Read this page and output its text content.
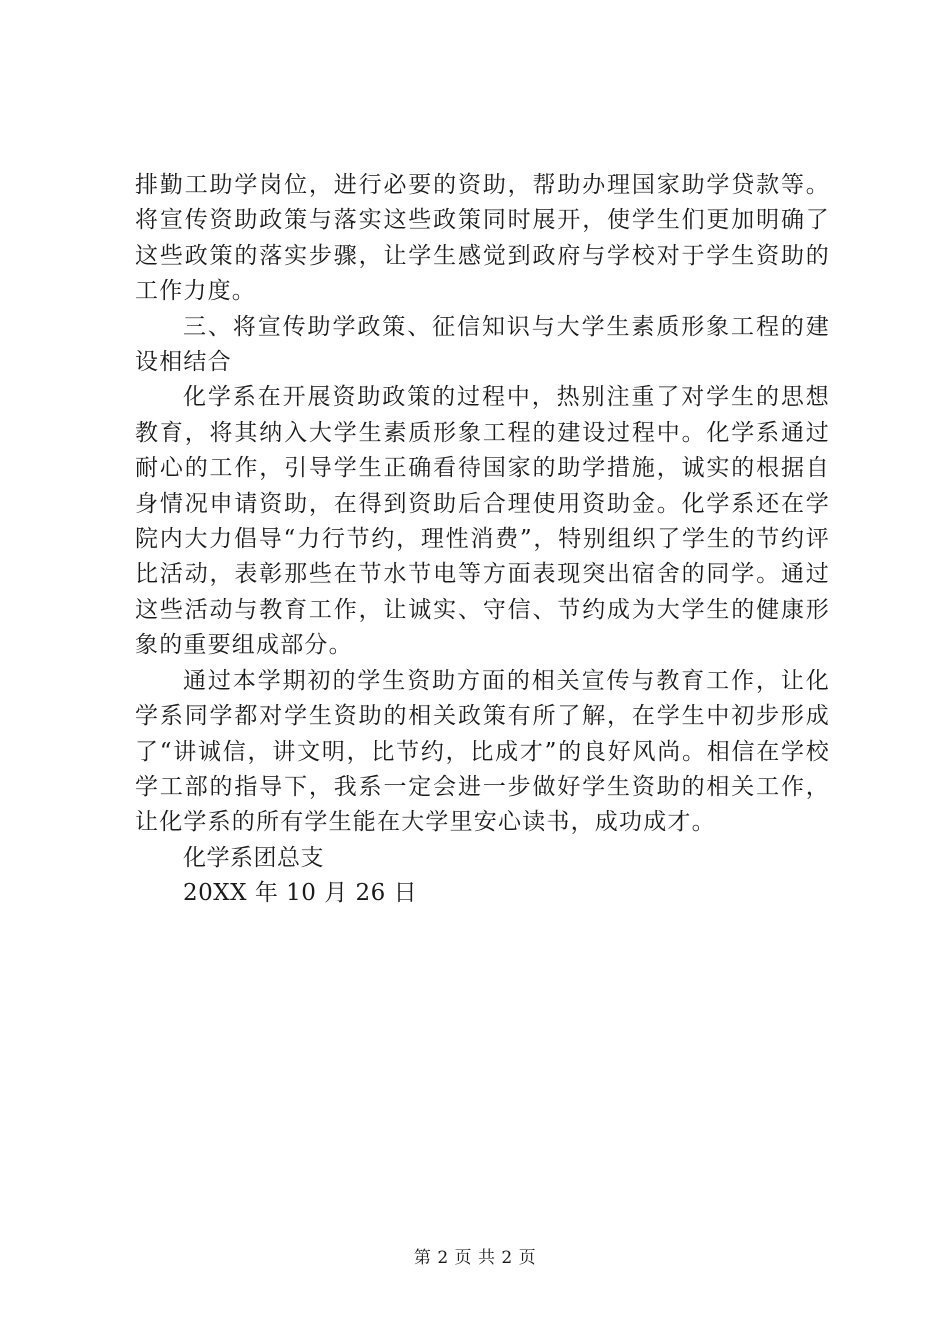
排勤工助学岗位，进行必要的资助，帮助办理国家助学贷款等。将宣传资助政策与落实这些政策同时展开，使学生们更加明确了这些政策的落实步骤，让学生感觉到政府与学校对于学生资助的工作力度。

三、将宣传助学政策、征信知识与大学生素质形象工程的建设相结合

化学系在开展资助政策的过程中，热别注重了对学生的思想教育，将其纳入大学生素质形象工程的建设过程中。化学系通过耐心的工作，引导学生正确看待国家的助学措施，诚实的根据自身情况申请资助，在得到资助后合理使用资助金。化学系还在学院内大力倡导“力行节约，理性消费”，特别组织了学生的节约评比活动，表彰那些在节水节电等方面表现突出宿舍的同学。通过这些活动与教育工作，让诚实、守信、节约成为大学生的健康形象的重要组成部分。

通过本学期初的学生资助方面的相关宣传与教育工作，让化学系同学都对学生资助的相关政策有所了解，在学生中初步形成了“讲诚信，讲文明，比节约，比成才”的良好风尚。相信在学校学工部的指导下，我系一定会进一步做好学生资助的相关工作，让化学系的所有学生能在大学里安心读书，成功成才。

化学系团总支

20XX 年 10 月 26 日

第 2 页 共 2 页
